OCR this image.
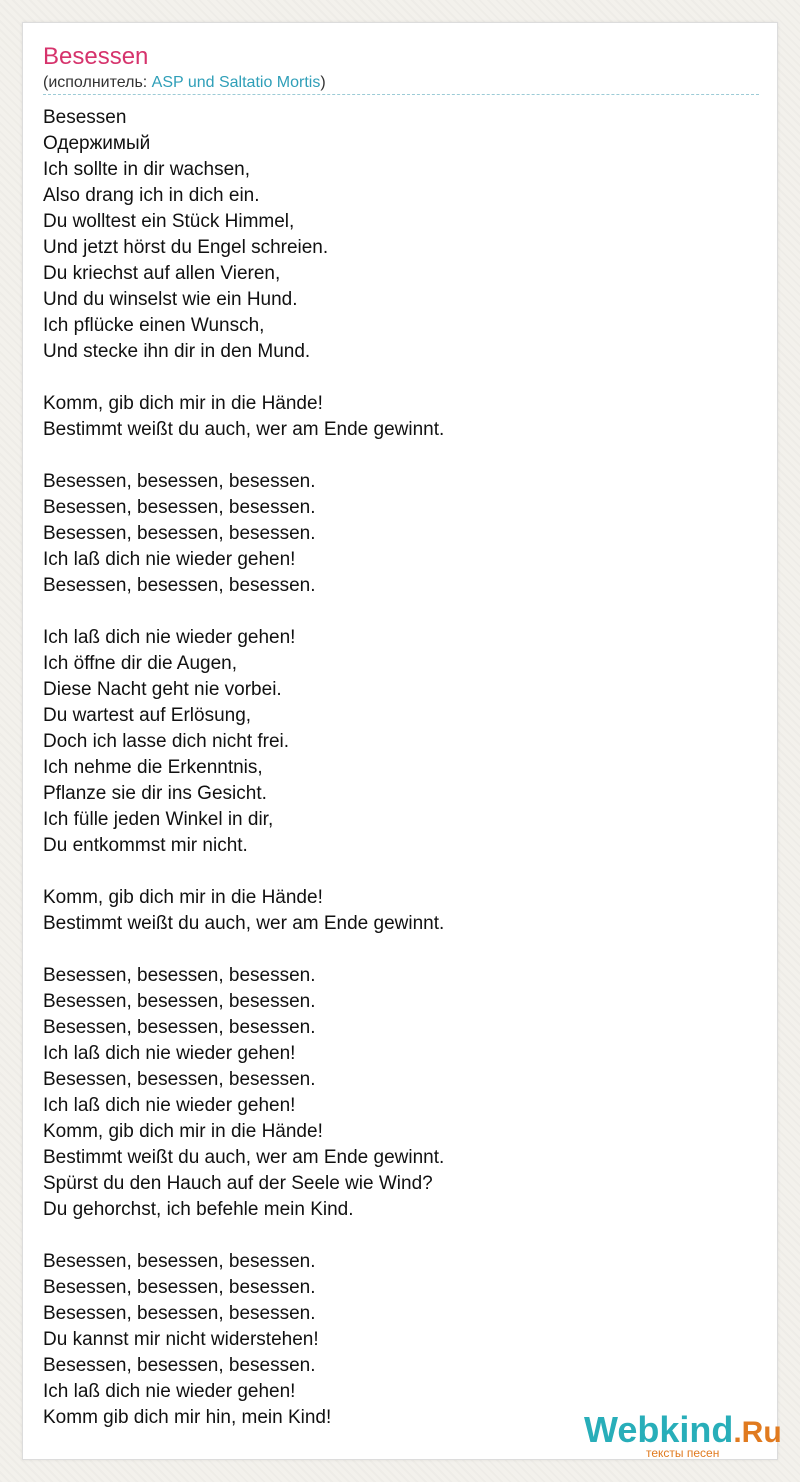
Besessen
(исполнитель: ASP und Saltatio Mortis)
Besessen
Одержимый
Ich sollte in dir wachsen,
Also drang ich in dich ein.
Du wolltest ein Stück Himmel,
Und jetzt hörst du Engel schreien.
Du kriechst auf allen Vieren,
Und du winselst wie ein Hund.
Ich pflücke einen Wunsch,
Und stecke ihn dir in den Mund.
Komm, gib dich mir in die Hände!
Bestimmt weißt du auch, wer am Ende gewinnt.
Besessen, besessen, besessen.
Besessen, besessen, besessen.
Besessen, besessen, besessen.
Ich laß dich nie wieder gehen!
Besessen, besessen, besessen.
Ich laß dich nie wieder gehen!
Ich öffne dir die Augen,
Diese Nacht geht nie vorbei.
Du wartest auf Erlösung,
Doch ich lasse dich nicht frei.
Ich nehme die Erkenntnis,
Pflanze sie dir ins Gesicht.
Ich fülle jeden Winkel in dir,
Du entkommst mir nicht.
Komm, gib dich mir in die Hände!
Bestimmt weißt du auch, wer am Ende gewinnt.
Besessen, besessen, besessen.
Besessen, besessen, besessen.
Besessen, besessen, besessen.
Ich laß dich nie wieder gehen!
Besessen, besessen, besessen.
Ich laß dich nie wieder gehen!
Komm, gib dich mir in die Hände!
Bestimmt weißt du auch, wer am Ende gewinnt.
Spürst du den Hauch auf der Seele wie Wind?
Du gehorchst, ich befehle mein Kind.
Besessen, besessen, besessen.
Besessen, besessen, besessen.
Besessen, besessen, besessen.
Du kannst mir nicht widerstehen!
Besessen, besessen, besessen.
Ich laß dich nie wieder gehen!
Komm gib dich mir hin, mein Kind!	Webkind.Ru
тексты песен
